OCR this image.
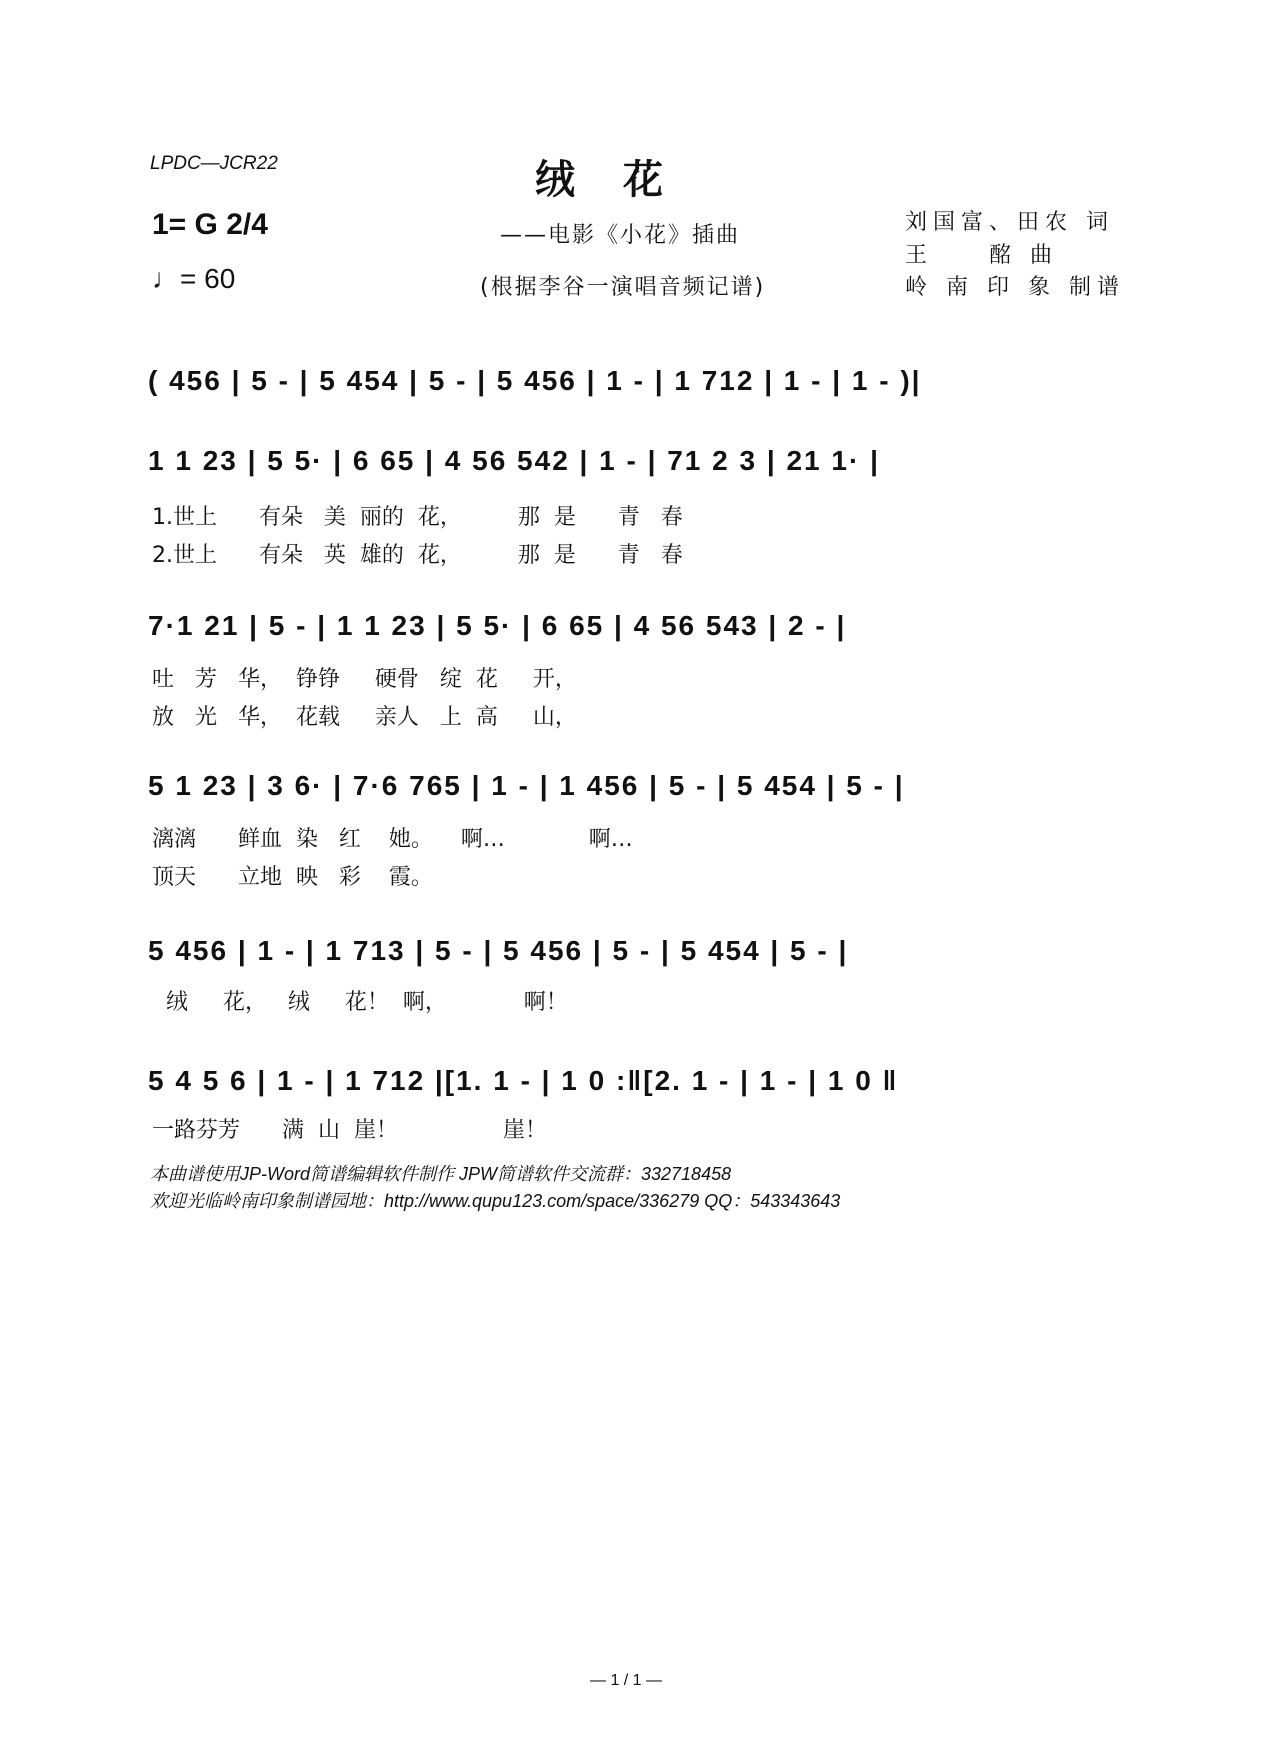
LPDC—JCR22	绒　花
1= G 2/4
♩= 60
——电影《小花》插曲
(根据李谷一演唱音频记谱)
刘国富、田农 词
王　　酩 曲
岭 南 印 象 制谱
( 456 | 5 - | 5 454 | 5 - | 5 456 | 1 - | 1 712 | 1 - | 1 - )|
1 1 23 | 5 5· | 6 65 | 4 56 542 | 1 - | 71 2 3 | 21 1· |
1.世上      有朵   美  丽的  花，        那  是      青   春
2.世上      有朵   英  雄的  花，        那  是      青   春
7·1 21 | 5 - | 1 1 23 | 5 5· | 6 65 | 4 56 543 | 2 - |
吐   芳   华，  铮铮     硬骨   绽  花     开，
放   光   华，  花载     亲人   上  高     山，
5 1 23 | 3 6· | 7·6 765 | 1 - | 1 456 | 5 - | 5 454 | 5 - |
漓漓      鲜血  染   红    她。    啊…            啊…
顶天      立地  映   彩    霞。
5 456 | 1 - | 1 713 | 5 - | 5 456 | 5 - | 5 454 | 5 - |
绒     花，   绒     花！  啊，           啊！
5 4 5 6 | 1 - | 1 712 |[1. 1 - | 1 0 :‖[2. 1 - | 1 - | 1 0 ‖
一路芬芳      满  山  崖！               崖！
本曲谱使用JP-Word简谱编辑软件制作 JPW简谱软件交流群：332718458
欢迎光临岭南印象制谱园地：http://www.qupu123.com/space/336279 QQ：543343643
— 1 / 1 —
